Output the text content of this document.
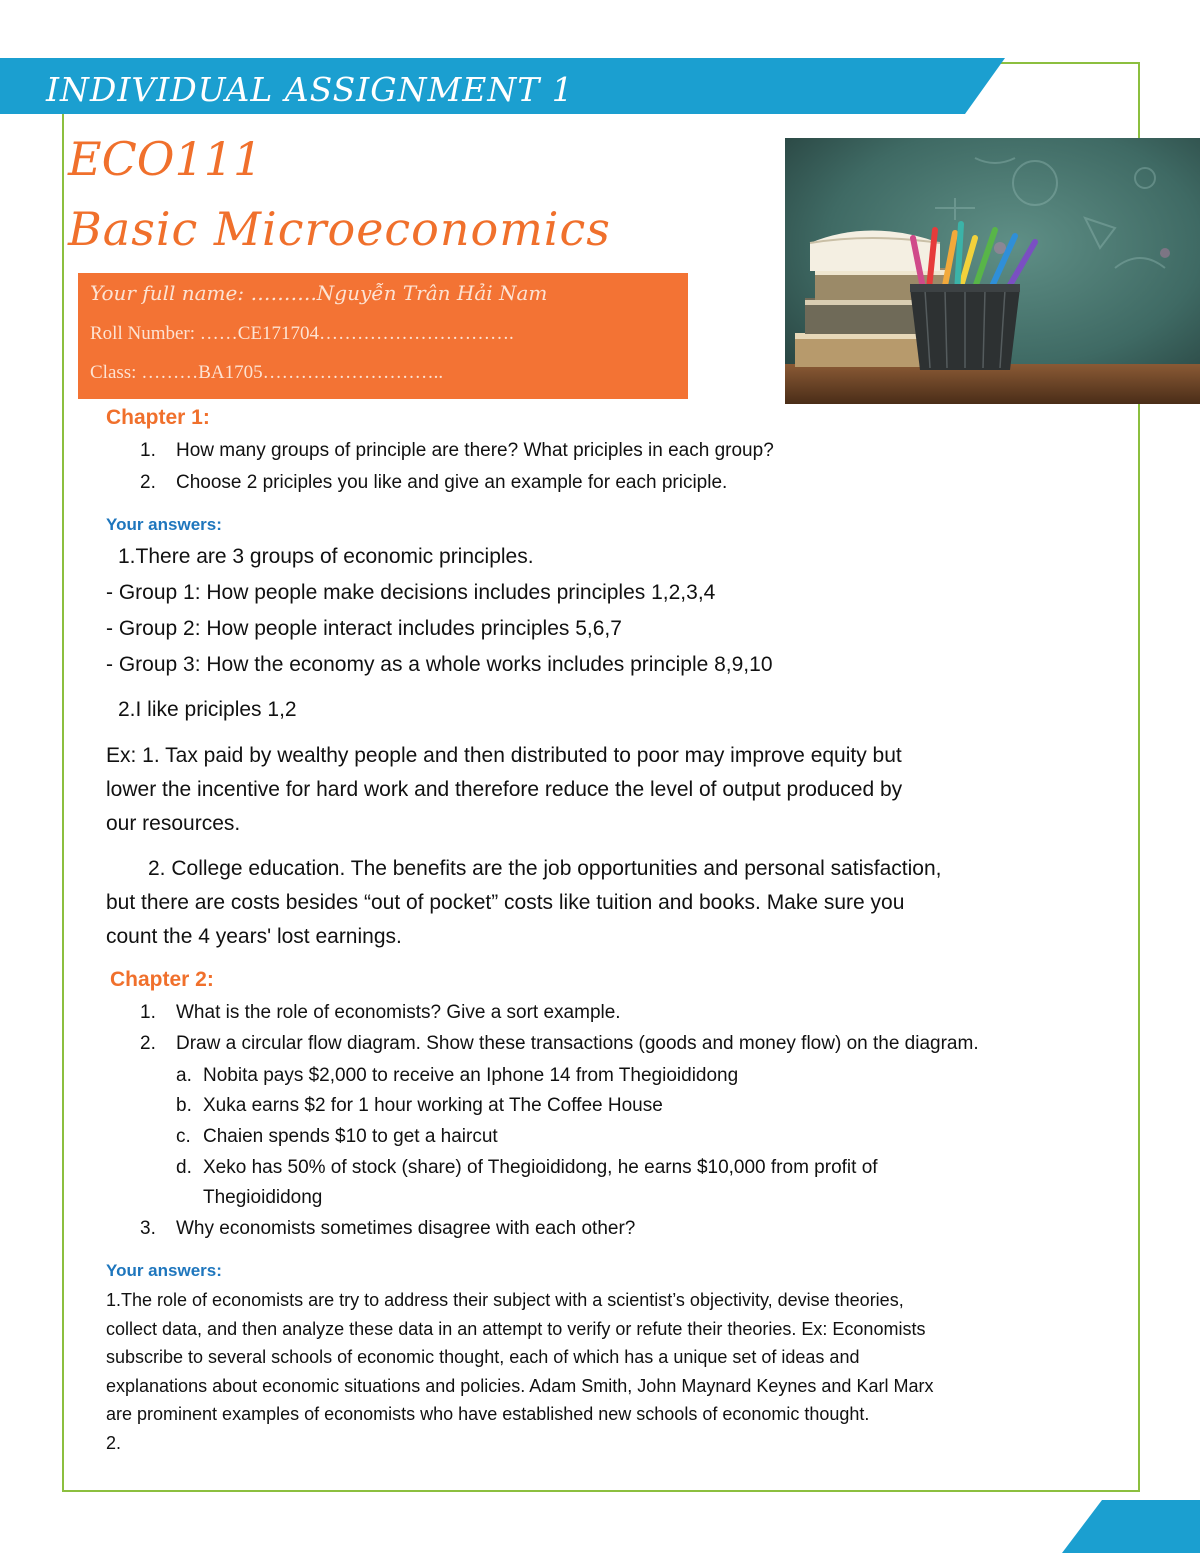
INDIVIDUAL ASSIGNMENT 1
ECO111
Basic Microeconomics
Your full name: ……….Nguyễn Trân Hải Nam
Roll Number: ……CE171704………………………….
Class: ………BA1705………………………..
Chapter 1:
1. How many groups of principle are there? What priciples in each group?
2. Choose 2 priciples you like and give an example for each priciple.
Your answers:
1.There are 3 groups of economic principles.
- Group 1: How people make decisions includes principles 1,2,3,4
- Group 2: How people interact includes principles 5,6,7
- Group 3: How the economy as a whole works includes principle 8,9,10
2.I like priciples 1,2
Ex: 1. Tax paid by wealthy people and then distributed to poor may improve equity but
lower the incentive for hard work and therefore reduce the level of output produced by
our resources.
2. College education. The benefits are the job opportunities and personal satisfaction,
but there are costs besides “out of pocket” costs like tuition and books. Make sure you
count the 4 years' lost earnings.
Chapter 2:
1. What is the role of economists? Give a sort example.
2. Draw a circular flow diagram. Show these transactions (goods and money flow) on the diagram.
a. Nobita pays $2,000 to receive an Iphone 14 from Thegioididong
b. Xuka earns $2 for 1 hour working at The Coffee House
c. Chaien spends $10 to get a haircut
d. Xeko has 50% of stock (share) of Thegioididong, he earns $10,000 from profit of
Thegioididong
3. Why economists sometimes disagree with each other?
Your answers:
1.The role of economists are try to address their subject with a scientist’s objectivity, devise theories,
collect data, and then analyze these data in an attempt to verify or refute their theories. Ex: Economists
subscribe to several schools of economic thought, each of which has a unique set of ideas and
explanations about economic situations and policies. Adam Smith, John Maynard Keynes and Karl Marx
are prominent examples of economists who have established new schools of economic thought.
2.
